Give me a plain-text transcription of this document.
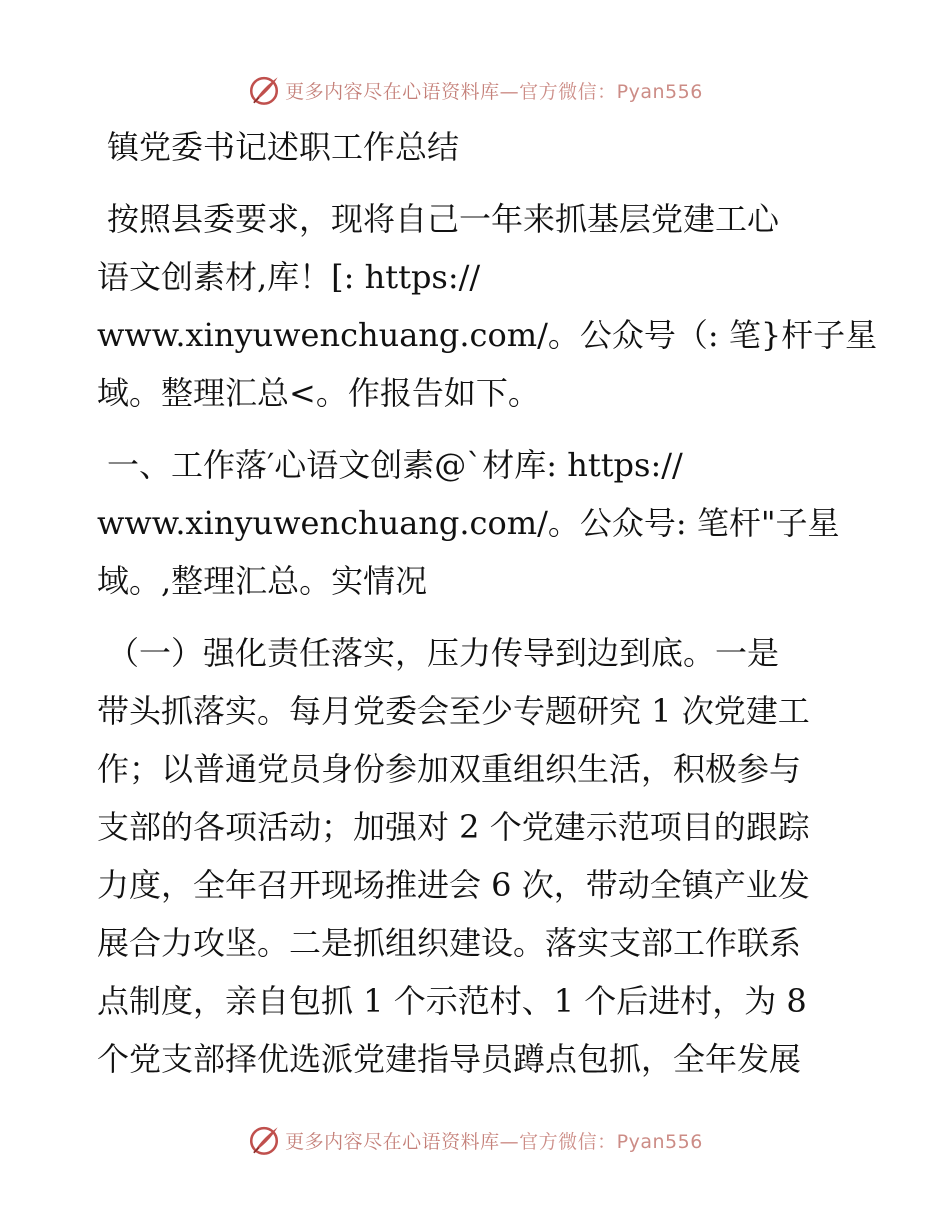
更多内容尽在心语资料库 —官方微信：Pyan556
镇党委书记述职工作总结
按照县委要求，现将自己一年来抓基层党建工心
语文创素材,库！[: https://
www.xinyuwenchuang.com/。公众号（: 笔}杆子星
域。整理汇总<。作报告如下。
一、工作落′心语文创素@`材库: https://
www.xinyuwenchuang.com/。公众号: 笔杆"子星
域。,整理汇总。实情况
（一）强化责任落实，压力传导到边到底。一是
带头抓落实。每月党委会至少专题研究 1 次党建工
作；以普通党员身份参加双重组织生活，积极参与
支部的各项活动；加强对 2 个党建示范项目的跟踪
力度，全年召开现场推进会 6 次，带动全镇产业发
展合力攻坚。二是抓组织建设。落实支部工作联系
点制度，亲自包抓 1 个示范村、1 个后进村，为 8
个党支部择优选派党建指导员蹲点包抓，全年发展
更多内容尽在心语资料库 —官方微信：Pyan556
